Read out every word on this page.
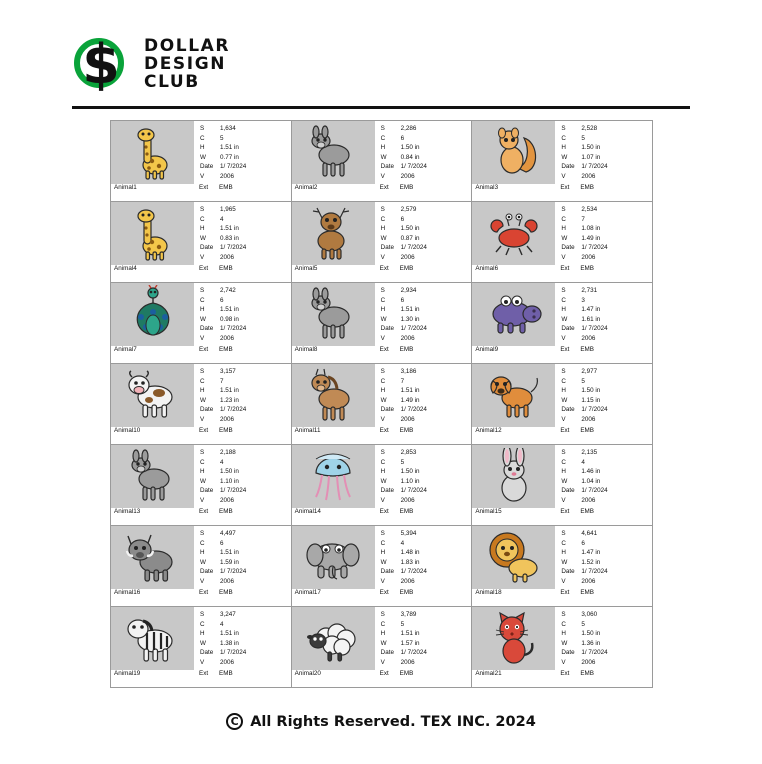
$	DOLLAR
DESIGN
CLUB
S	1,634
C	5
H	1.51 in
W	0.77 in
Date	1/ 7/2024
V	2006
Animal1	Ext	EMB
S	2,286
C	6
H	1.50 in
W	0.84 in
Date	1/ 7/2024
V	2006
Animal2	Ext	EMB
S	2,528
C	5
H	1.50 in
W	1.07 in
Date	1/ 7/2024
V	2006
Animal3	Ext	EMB
S	1,965
C	4
H	1.51 in
W	0.83 in
Date	1/ 7/2024
V	2006
Animal4	Ext	EMB
S	2,579
C	6
H	1.50 in
W	0.87 in
Date	1/ 7/2024
V	2006
Animal5	Ext	EMB
S	2,534
C	7
H	1.08 in
W	1.49 in
Date	1/ 7/2024
V	2006
Animal6	Ext	EMB
S	2,742
C	6
H	1.51 in
W	0.98 in
Date	1/ 7/2024
V	2006
Animal7	Ext	EMB
S	2,934
C	6
H	1.51 in
W	1.30 in
Date	1/ 7/2024
V	2006
Animal8	Ext	EMB
S	2,731
C	3
H	1.47 in
W	1.61 in
Date	1/ 7/2024
V	2006
Animal9	Ext	EMB
S	3,157
C	7
H	1.51 in
W	1.23 in
Date	1/ 7/2024
V	2006
Animal10	Ext	EMB
S	3,186
C	7
H	1.51 in
W	1.49 in
Date	1/ 7/2024
V	2006
Animal11	Ext	EMB
S	2,977
C	5
H	1.50 in
W	1.15 in
Date	1/ 7/2024
V	2006
Animal12	Ext	EMB
S	2,188
C	4
H	1.50 in
W	1.10 in
Date	1/ 7/2024
V	2006
Animal13	Ext	EMB
S	2,853
C	5
H	1.50 in
W	1.10 in
Date	1/ 7/2024
V	2006
Animal14	Ext	EMB
S	2,135
C	4
H	1.46 in
W	1.04 in
Date	1/ 7/2024
V	2006
Animal15	Ext	EMB
S	4,497
C	6
H	1.51 in
W	1.59 in
Date	1/ 7/2024
V	2006
Animal16	Ext	EMB
S	5,394
C	4
H	1.48 in
W	1.83 in
Date	1/ 7/2024
V	2006
Animal17	Ext	EMB
S	4,641
C	6
H	1.47 in
W	1.52 in
Date	1/ 7/2024
V	2006
Animal18	Ext	EMB
S	3,247
C	4
H	1.51 in
W	1.38 in
Date	1/ 7/2024
V	2006
Animal19	Ext	EMB
S	3,789
C	5
H	1.51 in
W	1.57 in
Date	1/ 7/2024
V	2006
Animal20	Ext	EMB
S	3,060
C	5
H	1.50 in
W	1.36 in
Date	1/ 7/2024
V	2006
Animal21	Ext	EMB
C All Rights Reserved. TEX INC. 2024
